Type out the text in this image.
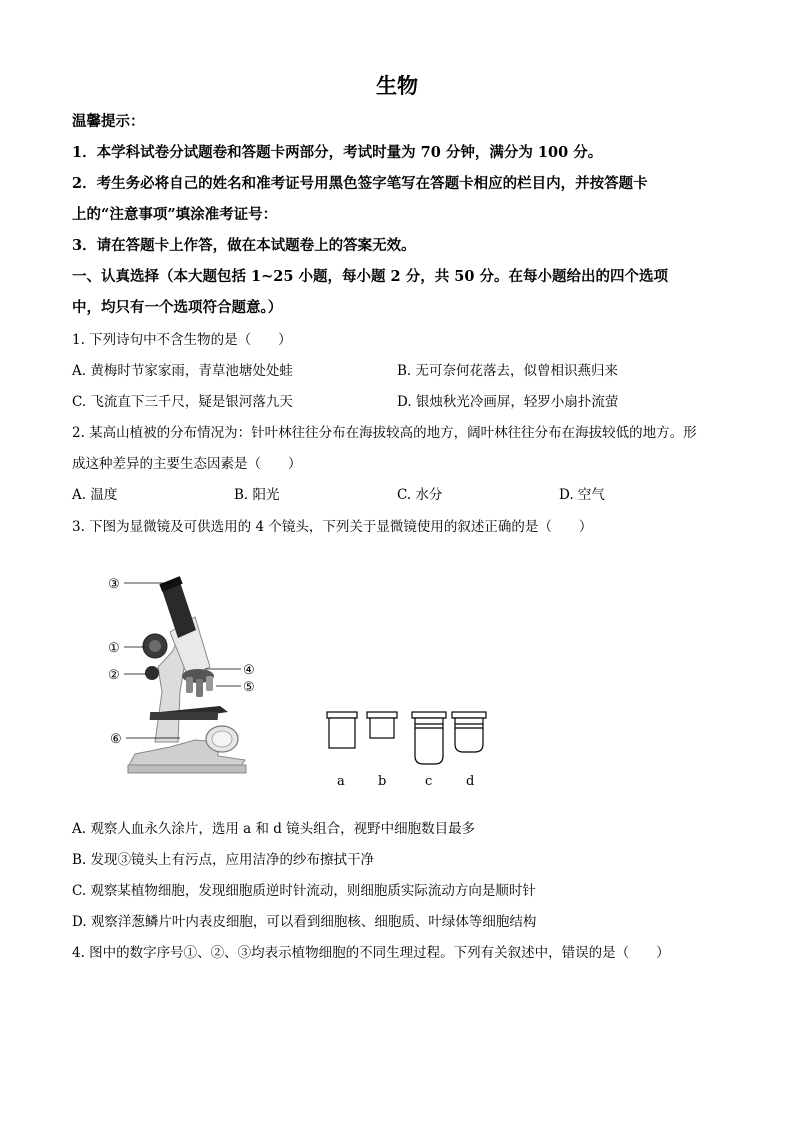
生物
温馨提示：
1．本学科试卷分试题卷和答题卡两部分，考试时量为 70 分钟，满分为 100 分。
2．考生务必将自己的姓名和准考证号用黑色签字笔写在答题卡相应的栏目内，并按答题卡
上的“注意事项”填涂准考证号：
3．请在答题卡上作答，做在本试题卷上的答案无效。
一、认真选择（本大题包括 1~25 小题，每小题 2 分，共 50 分。在每小题给出的四个选项
中，均只有一个选项符合题意。）
1. 下列诗句中不含生物的是（　　）
A. 黄梅时节家家雨，青草池塘处处蛙	B. 无可奈何花落去，似曾相识燕归来
C. 飞流直下三千尺，疑是银河落九天	D. 银烛秋光冷画屏，轻罗小扇扑流萤
2. 某高山植被的分布情况为：针叶林往往分布在海拔较高的地方，阔叶林往往分布在海拔较低的地方。形
成这种差异的主要生态因素是（　　）
A. 温度	B. 阳光	C. 水分	D. 空气
3. 下图为显微镜及可供选用的 4 个镜头，下列关于显微镜使用的叙述正确的是（　　）
③
①
②	④
⑤
⑥
a	b	c	d
A. 观察人血永久涂片，选用 a 和 d 镜头组合，视野中细胞数目最多
B. 发现③镜头上有污点，应用洁净的纱布擦拭干净
C. 观察某植物细胞，发现细胞质逆时针流动，则细胞质实际流动方向是顺时针
D. 观察洋葱鳞片叶内表皮细胞，可以看到细胞核、细胞质、叶绿体等细胞结构
4. 图中的数字序号①、②、③均表示植物细胞的不同生理过程。下列有关叙述中，错误的是（　　）
